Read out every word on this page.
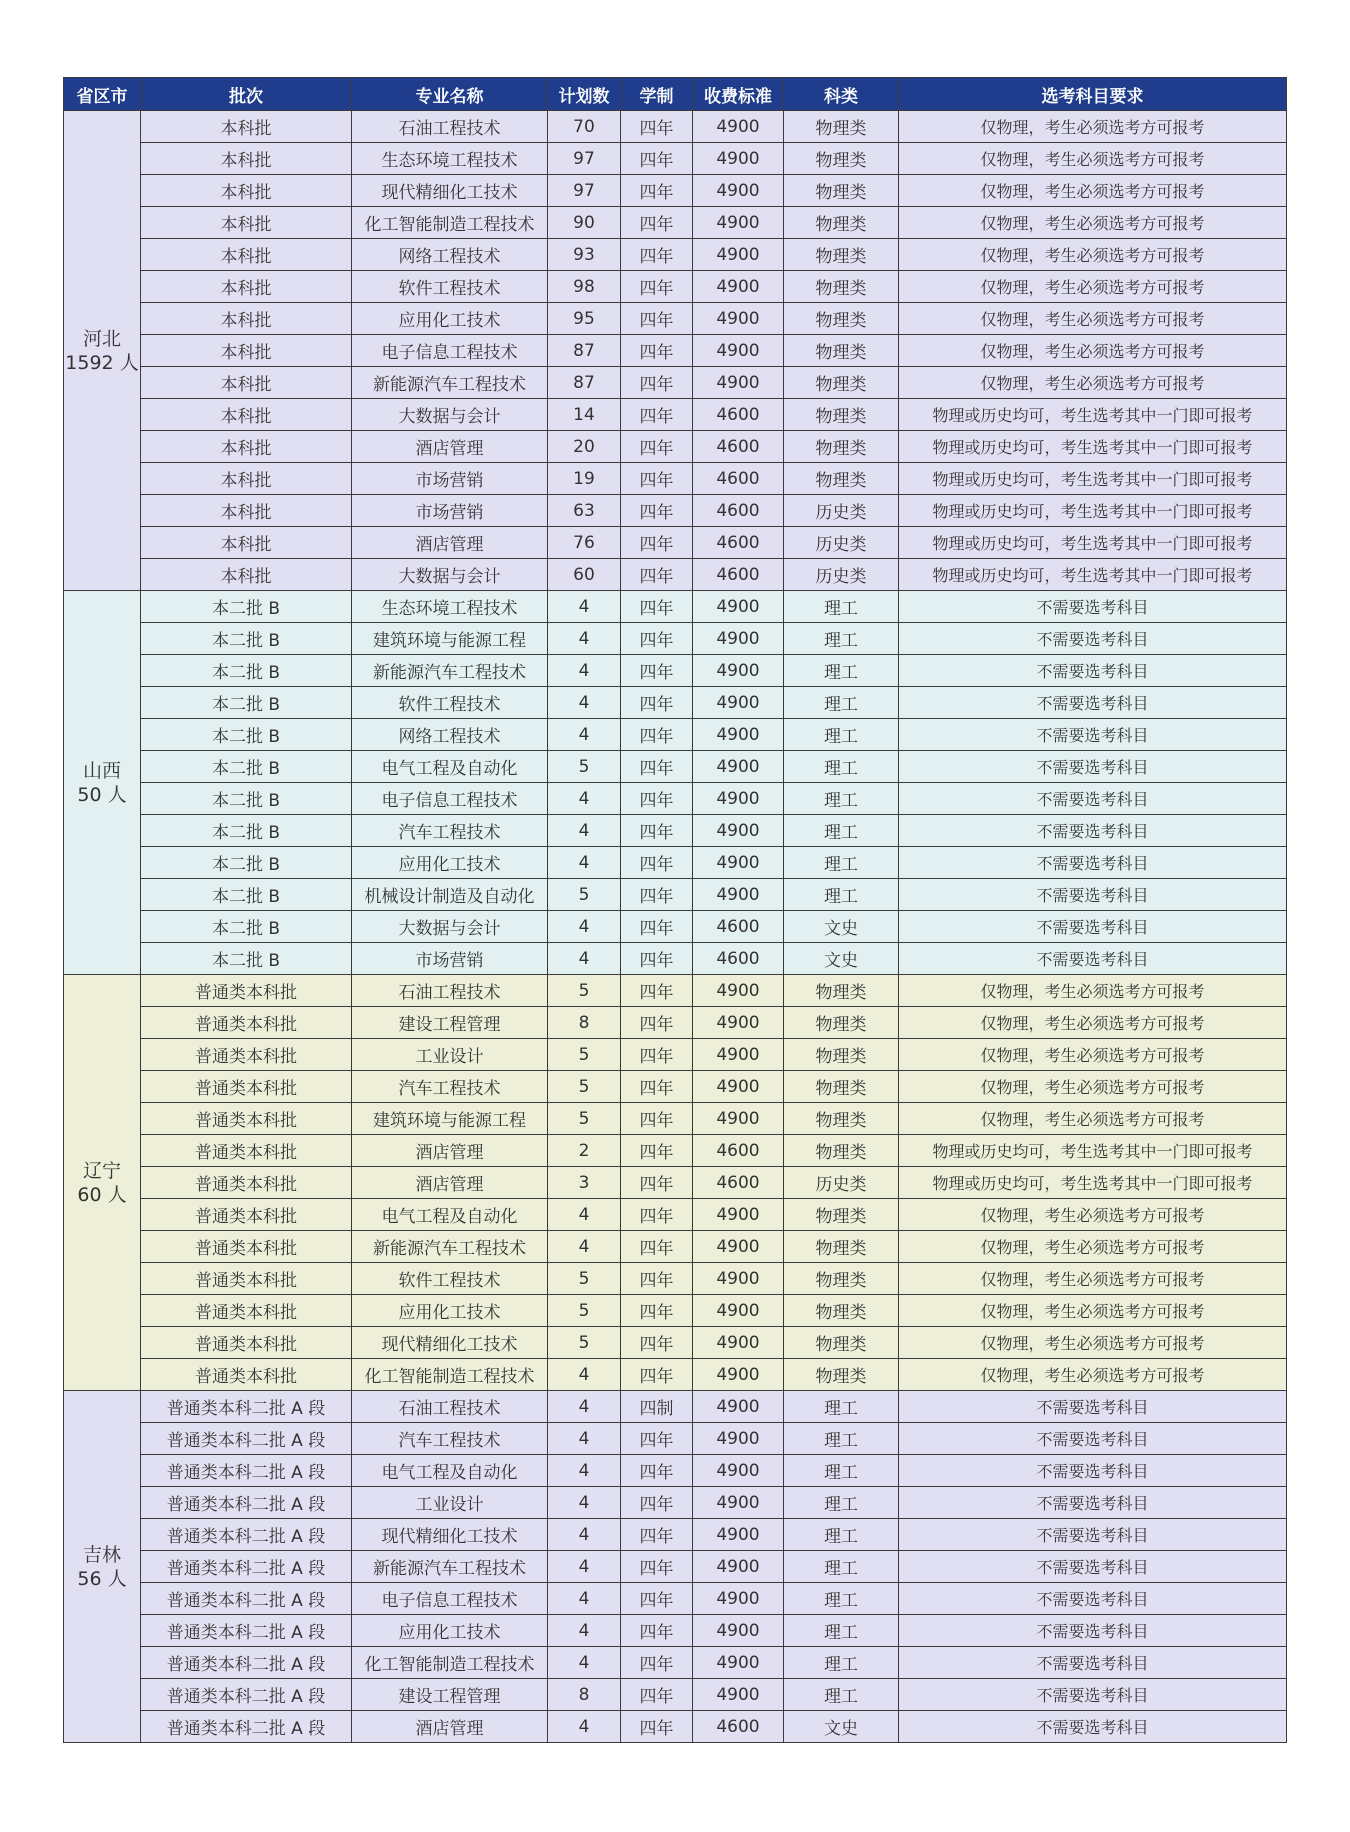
省区市	批次	专业名称	计划数	学制	收费标准	科类	选考科目要求

河北
1592 人	本科批	石油工程技术	70	四年	4900	物理类	仅物理，考生必须选考方可报考
	本科批	生态环境工程技术	97	四年	4900	物理类	仅物理，考生必须选考方可报考
	本科批	现代精细化工技术	97	四年	4900	物理类	仅物理，考生必须选考方可报考
	本科批	化工智能制造工程技术	90	四年	4900	物理类	仅物理，考生必须选考方可报考
	本科批	网络工程技术	93	四年	4900	物理类	仅物理，考生必须选考方可报考
	本科批	软件工程技术	98	四年	4900	物理类	仅物理，考生必须选考方可报考
	本科批	应用化工技术	95	四年	4900	物理类	仅物理，考生必须选考方可报考
	本科批	电子信息工程技术	87	四年	4900	物理类	仅物理，考生必须选考方可报考
	本科批	新能源汽车工程技术	87	四年	4900	物理类	仅物理，考生必须选考方可报考
	本科批	大数据与会计	14	四年	4600	物理类	物理或历史均可，考生选考其中一门即可报考
	本科批	酒店管理	20	四年	4600	物理类	物理或历史均可，考生选考其中一门即可报考
	本科批	市场营销	19	四年	4600	物理类	物理或历史均可，考生选考其中一门即可报考
	本科批	市场营销	63	四年	4600	历史类	物理或历史均可，考生选考其中一门即可报考
	本科批	酒店管理	76	四年	4600	历史类	物理或历史均可，考生选考其中一门即可报考
	本科批	大数据与会计	60	四年	4600	历史类	物理或历史均可，考生选考其中一门即可报考

山西
50 人	本二批 B	生态环境工程技术	4	四年	4900	理工	不需要选考科目
	本二批 B	建筑环境与能源工程	4	四年	4900	理工	不需要选考科目
	本二批 B	新能源汽车工程技术	4	四年	4900	理工	不需要选考科目
	本二批 B	软件工程技术	4	四年	4900	理工	不需要选考科目
	本二批 B	网络工程技术	4	四年	4900	理工	不需要选考科目
	本二批 B	电气工程及自动化	5	四年	4900	理工	不需要选考科目
	本二批 B	电子信息工程技术	4	四年	4900	理工	不需要选考科目
	本二批 B	汽车工程技术	4	四年	4900	理工	不需要选考科目
	本二批 B	应用化工技术	4	四年	4900	理工	不需要选考科目
	本二批 B	机械设计制造及自动化	5	四年	4900	理工	不需要选考科目
	本二批 B	大数据与会计	4	四年	4600	文史	不需要选考科目
	本二批 B	市场营销	4	四年	4600	文史	不需要选考科目

辽宁
60 人	普通类本科批	石油工程技术	5	四年	4900	物理类	仅物理，考生必须选考方可报考
	普通类本科批	建设工程管理	8	四年	4900	物理类	仅物理，考生必须选考方可报考
	普通类本科批	工业设计	5	四年	4900	物理类	仅物理，考生必须选考方可报考
	普通类本科批	汽车工程技术	5	四年	4900	物理类	仅物理，考生必须选考方可报考
	普通类本科批	建筑环境与能源工程	5	四年	4900	物理类	仅物理，考生必须选考方可报考
	普通类本科批	酒店管理	2	四年	4600	物理类	物理或历史均可，考生选考其中一门即可报考
	普通类本科批	酒店管理	3	四年	4600	历史类	物理或历史均可，考生选考其中一门即可报考
	普通类本科批	电气工程及自动化	4	四年	4900	物理类	仅物理，考生必须选考方可报考
	普通类本科批	新能源汽车工程技术	4	四年	4900	物理类	仅物理，考生必须选考方可报考
	普通类本科批	软件工程技术	5	四年	4900	物理类	仅物理，考生必须选考方可报考
	普通类本科批	应用化工技术	5	四年	4900	物理类	仅物理，考生必须选考方可报考
	普通类本科批	现代精细化工技术	5	四年	4900	物理类	仅物理，考生必须选考方可报考
	普通类本科批	化工智能制造工程技术	4	四年	4900	物理类	仅物理，考生必须选考方可报考

吉林
56 人	普通类本科二批 A 段	石油工程技术	4	四制	4900	理工	不需要选考科目
	普通类本科二批 A 段	汽车工程技术	4	四年	4900	理工	不需要选考科目
	普通类本科二批 A 段	电气工程及自动化	4	四年	4900	理工	不需要选考科目
	普通类本科二批 A 段	工业设计	4	四年	4900	理工	不需要选考科目
	普通类本科二批 A 段	现代精细化工技术	4	四年	4900	理工	不需要选考科目
	普通类本科二批 A 段	新能源汽车工程技术	4	四年	4900	理工	不需要选考科目
	普通类本科二批 A 段	电子信息工程技术	4	四年	4900	理工	不需要选考科目
	普通类本科二批 A 段	应用化工技术	4	四年	4900	理工	不需要选考科目
	普通类本科二批 A 段	化工智能制造工程技术	4	四年	4900	理工	不需要选考科目
	普通类本科二批 A 段	建设工程管理	8	四年	4900	理工	不需要选考科目
	普通类本科二批 A 段	酒店管理	4	四年	4600	文史	不需要选考科目
